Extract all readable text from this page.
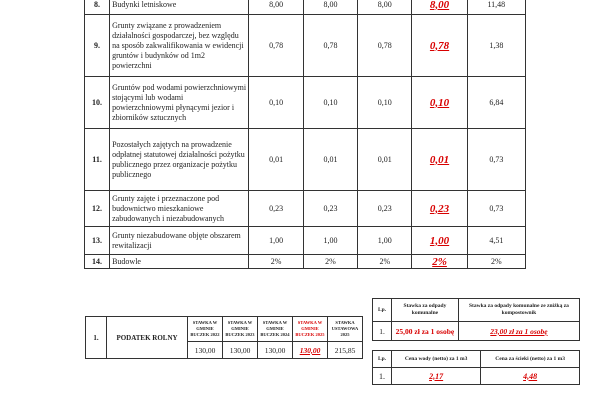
8.	Budynki letniskowe	8,00	8,00	8,00	8,00	11,48
9.	Grunty związane z prowadzeniem działalności gospodarczej, bez względu na sposób zakwalifikowania w ewidencji gruntów i budynków od 1m2 powierzchni	0,78	0,78	0,78	0,78	1,38
10.	Gruntów pod wodami powierzchniowymi stojącymi lub wodami powierzchniowymi płynącymi jezior i zbiorników sztucznych	0,10	0,10	0,10	0,10	6,84
11.	Pozostałych zajętych na prowadzenie odpłatnej statutowej działalności pożytku publicznego przez organizacje pożytku publicznego	0,01	0,01	0,01	0,01	0,73
12.	Grunty zajęte i przeznaczone pod budownictwo mieszkaniowe zabudowanych i niezabudowanych	0,23	0,23	0,23	0,23	0,73
13.	Grunty niezabudowane objęte obszarem rewitalizacji	1,00	1,00	1,00	1,00	4,51
14.	Budowle	2%	2%	2%	2%	2%
1.	PODATEK ROLNY	STAWKA W GMINIE BUCZEK 2022	STAWKA W GMINIE BUCZEK 2023	STAWKA W GMINIE BUCZEK 2024	STAWKA W GMINIE BUCZEK 2025	STAWKA USTAWOWA 2025
		130,00	130,00	130,00	130,00	215,85
Lp.	Stawka za odpady komunalne	Stawka za odpady komunalne ze zniżką za kompostownik
1.	25,00 zł za 1 osobę	23,00 zł za 1 osobę
Lp.	Cena wody (netto) za 1 m3	Cena za ścieki (netto) za 1 m3
1.	2,17	4,48
